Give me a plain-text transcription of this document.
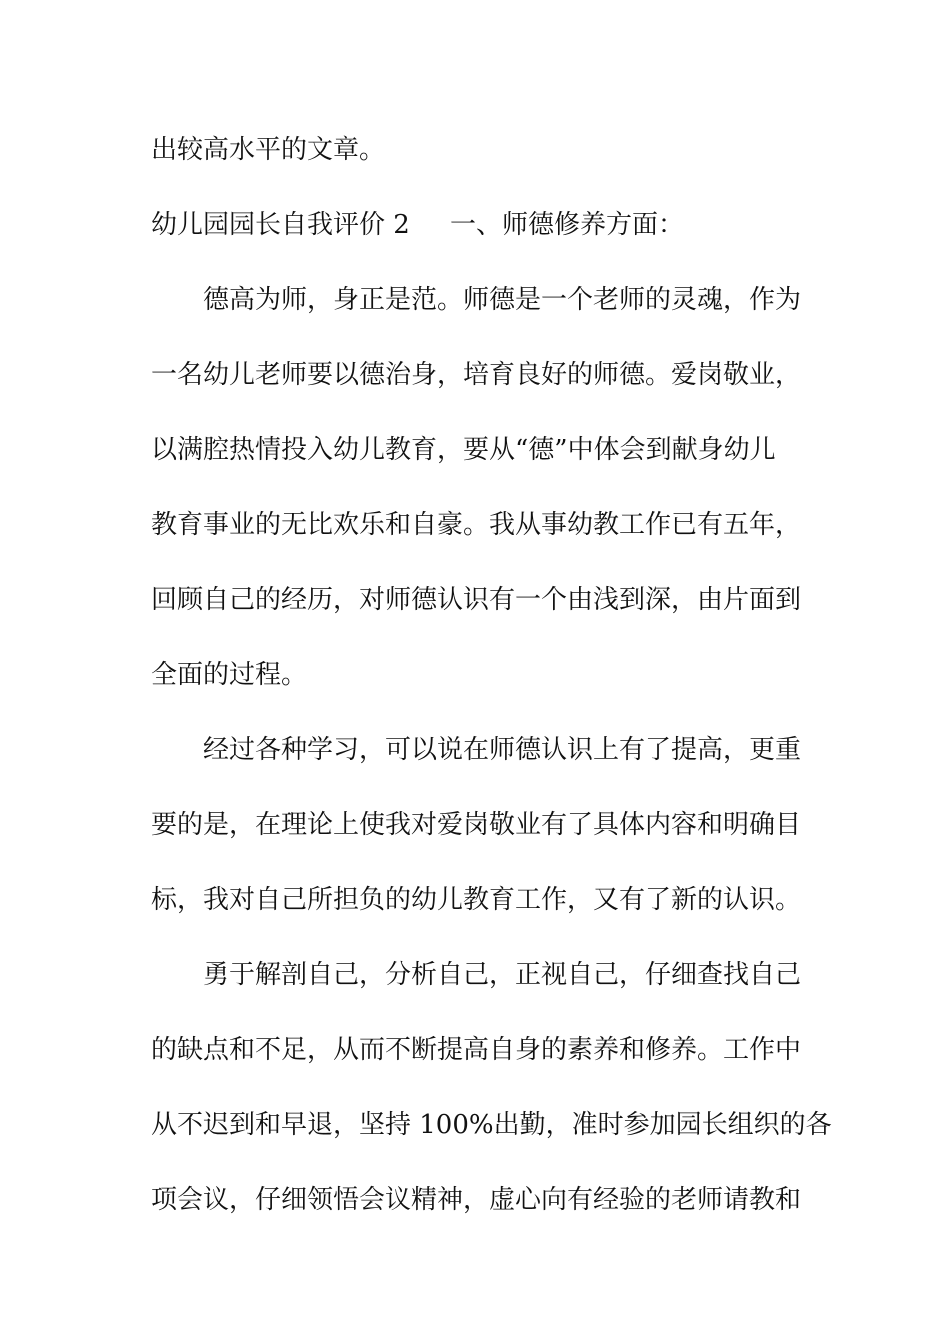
出较高水平的文章。
幼儿园园长自我评价 2	一、师德修养方面：
德高为师，身正是范。师德是一个老师的灵魂，作为
一名幼儿老师要以德治身，培育良好的师德。爱岗敬业，
以满腔热情投入幼儿教育，要从“德”中体会到献身幼儿
教育事业的无比欢乐和自豪。我从事幼教工作已有五年，
回顾自己的经历，对师德认识有一个由浅到深，由片面到
全面的过程。
经过各种学习，可以说在师德认识上有了提高，更重
要的是，在理论上使我对爱岗敬业有了具体内容和明确目
标，我对自己所担负的幼儿教育工作，又有了新的认识。
勇于解剖自己，分析自己，正视自己，仔细查找自己
的缺点和不足，从而不断提高自身的素养和修养。工作中
从不迟到和早退，坚持 100%出勤，准时参加园长组织的各
项会议，仔细领悟会议精神，虚心向有经验的老师请教和
